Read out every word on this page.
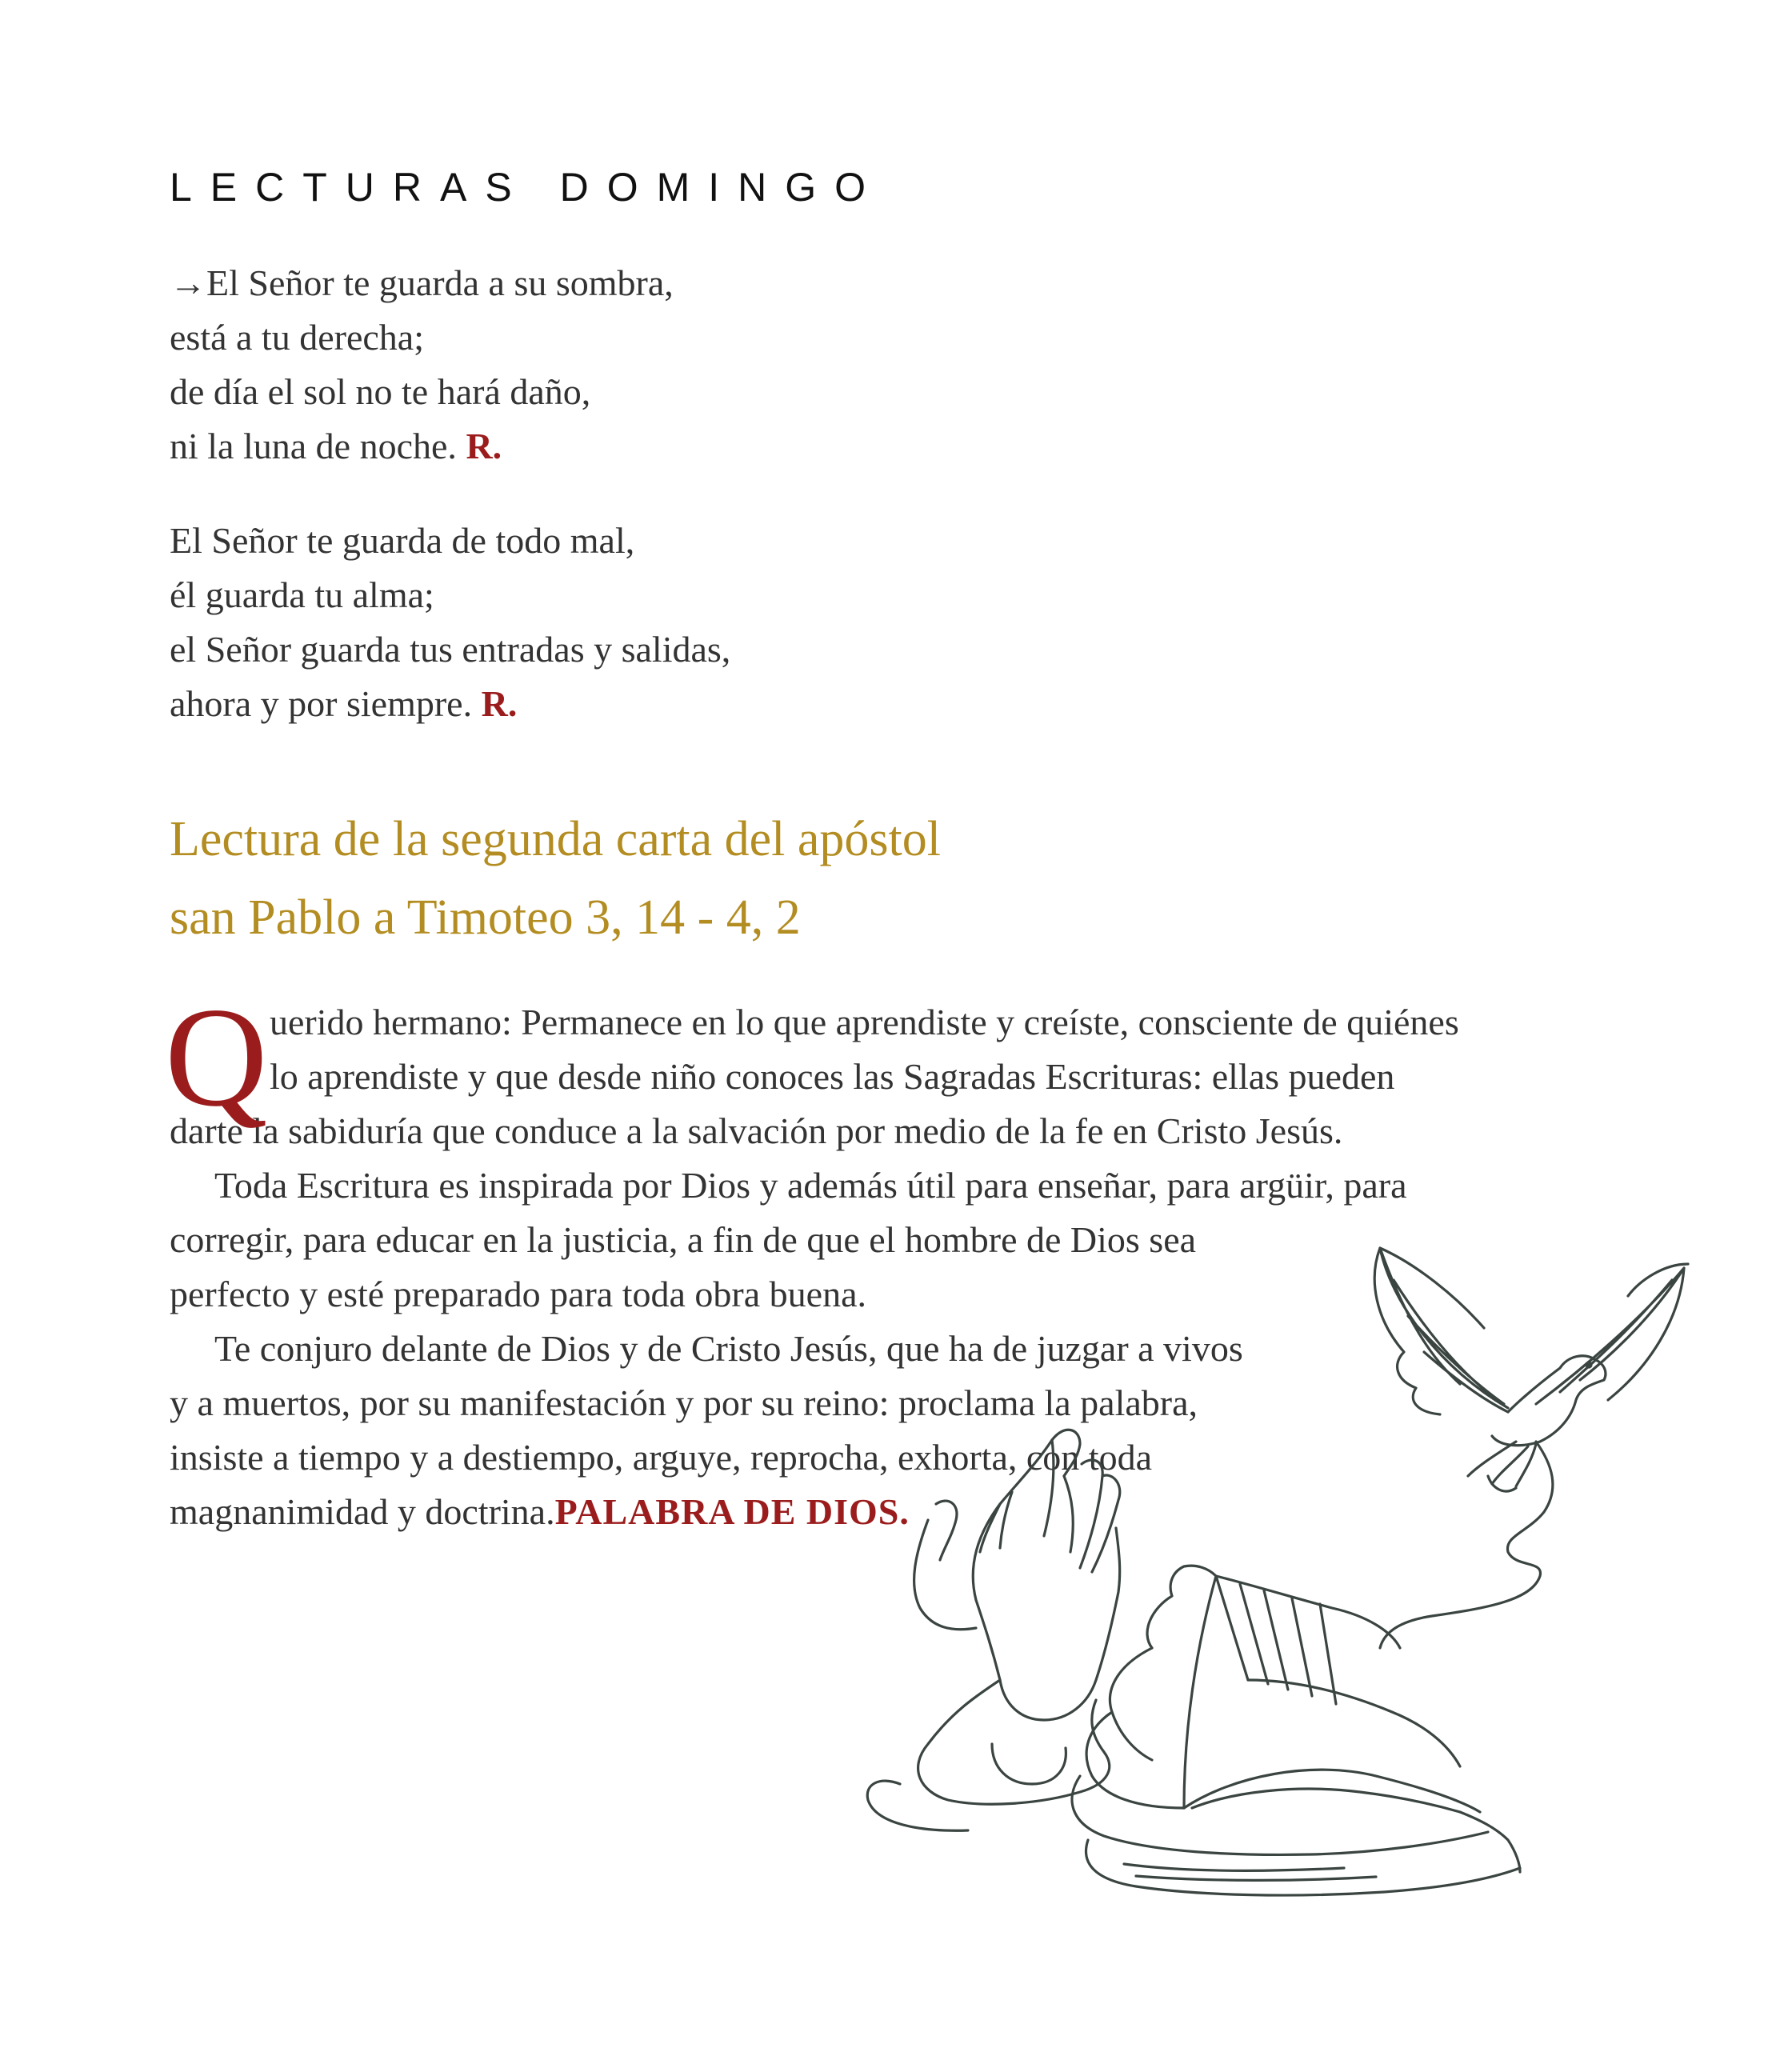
LECTURAS DOMINGO
→El Señor te guarda a su sombra,
está a tu derecha;
de día el sol no te hará daño,
ni la luna de noche. R.
El Señor te guarda de todo mal,
él guarda tu alma;
el Señor guarda tus entradas y salidas,
ahora y por siempre. R.
Lectura de la segunda carta del apóstol
san Pablo a Timoteo 3, 14 - 4, 2
Q uerido hermano: Permanece en lo que aprendiste y creíste, consciente de quiénes
lo aprendiste y que desde niño conoces las Sagradas Escrituras: ellas pueden
darte la sabiduría que conduce a la salvación por medio de la fe en Cristo Jesús.
Toda Escritura es inspirada por Dios y además útil para enseñar, para argüir, para
corregir, para educar en la justicia, a fin de que el hombre de Dios sea
perfecto y esté preparado para toda obra buena.
Te conjuro delante de Dios y de Cristo Jesús, que ha de juzgar a vivos
y a muertos, por su manifestación y por su reino: proclama la palabra,
insiste a tiempo y a destiempo, arguye, reprocha, exhorta, con toda
magnanimidad y doctrina.PALABRA DE DIOS.
